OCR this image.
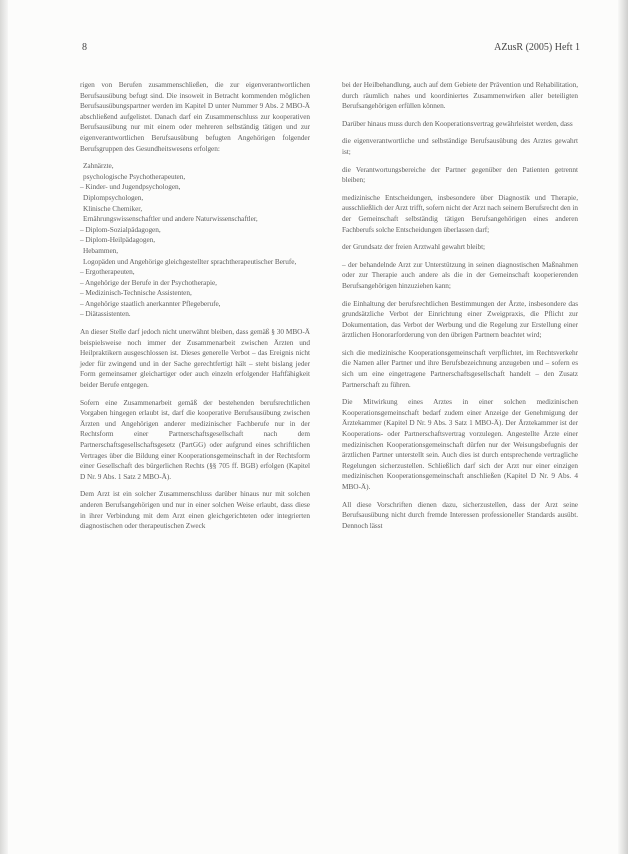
8	AZusR (2005) Heft 1

rigen von Berufen zusammenschließen, die zur eigenverantwortlichen Berufsausübung befugt sind. Die insoweit in Betracht kommenden möglichen Berufsausübungspartner werden im Kapitel D unter Nummer 9 Abs. 2 MBO-Ä abschließend aufgelistet. Danach darf ein Zusammenschluss zur kooperativen Berufsausübung nur mit einem oder mehreren selbständig tätigen und zur eigenverantwortlichen Berufsausübung befugten Angehörigen folgender Berufsgruppen des Gesundheitswesens erfolgen:

Zahnärzte,
psychologische Psychotherapeuten,
– Kinder- und Jugendpsychologen,
Diplompsychologen,
Klinische Chemiker,
Ernährungswissenschaftler und andere Naturwissenschaftler,
– Diplom-Sozialpädagogen,
– Diplom-Heilpädagogen,
Hebammen,
Logopäden und Angehörige gleichgestellter sprachtherapeutischer Berufe,
– Ergotherapeuten,
– Angehörige der Berufe in der Psychotherapie,
– Medizinisch-Technische Assistenten,
– Angehörige staatlich anerkannter Pflegeberufe,
– Diätassistenten.

An dieser Stelle darf jedoch nicht unerwähnt bleiben, dass gemäß § 30 MBO-Ä beispielsweise noch immer der Zusammenarbeit zwischen Ärzten und Heilpraktikern ausgeschlossen ist. Dieses generelle Verbot – das Ereignis nicht jeder für zwingend und in der Sache gerechtfertigt hält – steht bislang jeder Form gemeinsamer gleichartiger oder auch einzeln erfolgender Haftfähigkeit beider Berufe entgegen.

Sofern eine Zusammenarbeit gemäß der bestehenden berufsrechtlichen Vorgaben hingegen erlaubt ist, darf die kooperative Berufsausübung zwischen Ärzten und Angehörigen anderer medizinischer Fachberufe nur in der Rechtsform einer Partnerschaftsgesellschaft nach dem Partnerschaftsgesellschaftsgesetz (PartGG) oder aufgrund eines schriftlichen Vertrages über die Bildung einer Kooperationsgemeinschaft in der Rechtsform einer Gesellschaft des bürgerlichen Rechts (§§ 705 ff. BGB) erfolgen (Kapitel D Nr. 9 Abs. 1 Satz 2 MBO-Ä).

Dem Arzt ist ein solcher Zusammenschluss darüber hinaus nur mit solchen anderen Berufsangehörigen und nur in einer solchen Weise erlaubt, dass diese in ihrer Verbindung mit dem Arzt einen gleichgerichteten oder integrierten diagnostischen oder therapeutischen Zweck

bei der Heilbehandlung, auch auf dem Gebiete der Prävention und Rehabilitation, durch räumlich nahes und koordiniertes Zusammenwirken aller beteiligten Berufsangehörigen erfüllen können.

Darüber hinaus muss durch den Kooperationsvertrag gewährleistet werden, dass

die eigenverantwortliche und selbständige Berufsausübung des Arztes gewahrt ist;

die Verantwortungsbereiche der Partner gegenüber den Patienten getrennt bleiben;

medizinische Entscheidungen, insbesondere über Diagnostik und Therapie, ausschließlich der Arzt trifft, sofern nicht der Arzt nach seinem Berufsrecht den in der Gemeinschaft selbständig tätigen Berufsangehörigen eines anderen Fachberufs solche Entscheidungen überlassen darf;

der Grundsatz der freien Arztwahl gewahrt bleibt;

– der behandelnde Arzt zur Unterstützung in seinen diagnostischen Maßnahmen oder zur Therapie auch andere als die in der Gemeinschaft kooperierenden Berufsangehörigen hinzuziehen kann;

die Einhaltung der berufsrechtlichen Bestimmungen der Ärzte, insbesondere das grundsätzliche Verbot der Einrichtung einer Zweigpraxis, die Pflicht zur Dokumentation, das Verbot der Werbung und die Regelung zur Erstellung einer ärztlichen Honorarforderung von den übrigen Partnern beachtet wird;

sich die medizinische Kooperationsgemeinschaft verpflichtet, im Rechtsverkehr die Namen aller Partner und ihre Berufsbezeichnung anzugeben und – sofern es sich um eine eingetragene Partnerschaftsgesellschaft handelt – den Zusatz Partnerschaft zu führen.

Die Mitwirkung eines Arztes in einer solchen medizinischen Kooperationsgemeinschaft bedarf zudem einer Anzeige der Genehmigung der Ärztekammer (Kapitel D Nr. 9 Abs. 3 Satz 1 MBO-Ä). Der Ärztekammer ist der Kooperations- oder Partnerschaftsvertrag vorzulegen. Angestellte Ärzte einer medizinischen Kooperationsgemeinschaft dürfen nur der Weisungsbefugnis der ärztlichen Partner unterstellt sein. Auch dies ist durch entsprechende vertragliche Regelungen sicherzustellen. Schließlich darf sich der Arzt nur einer einzigen medizinischen Kooperationsgemeinschaft anschließen (Kapitel D Nr. 9 Abs. 4 MBO-Ä).

All diese Vorschriften dienen dazu, sicherzustellen, dass der Arzt seine Berufsausübung nicht durch fremde Interessen professioneller Standards ausübt. Dennoch lässt
